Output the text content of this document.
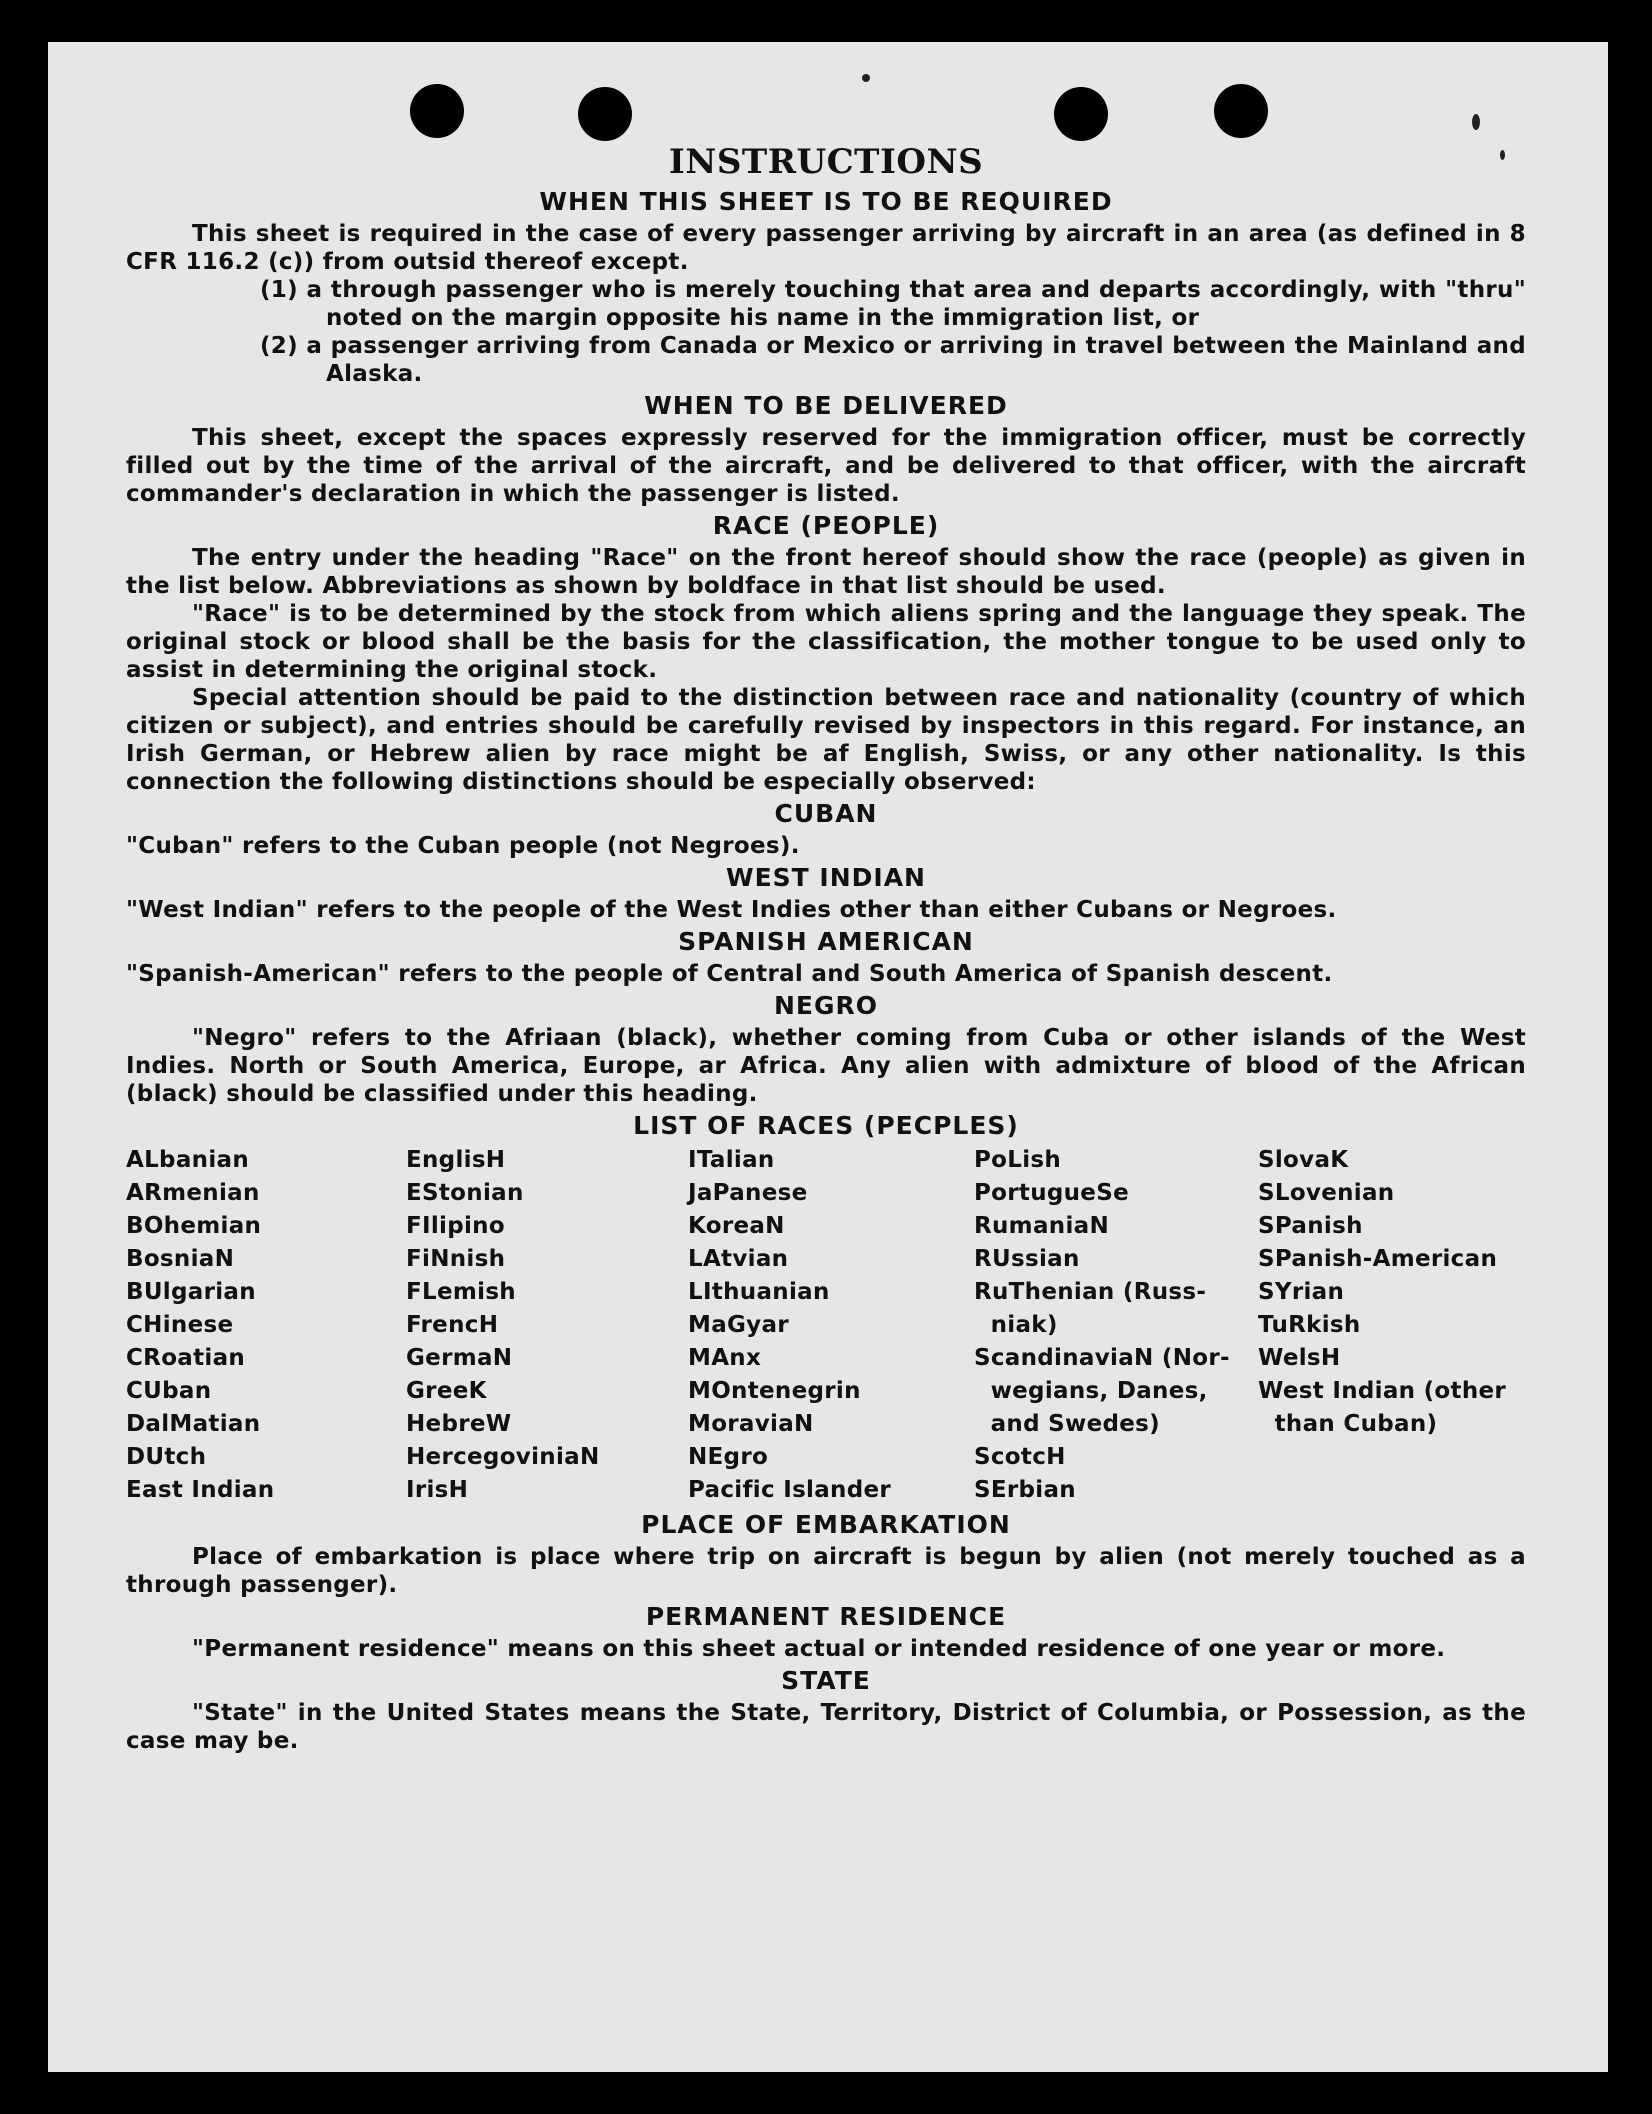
INSTRUCTIONS
WHEN THIS SHEET IS TO BE REQUIRED

This sheet is required in the case of every passenger arriving by aircraft in an area (as defined in 8 CFR 116.2 (c)) from outsid thereof except.

(1) a through passenger who is merely touching that area and departs accordingly, with "thru" noted on the margin opposite his name in the immigration list, or

(2) a passenger arriving from Canada or Mexico or arriving in travel between the Mainland and Alaska.

WHEN TO BE DELIVERED

This sheet, except the spaces expressly reserved for the immigration officer, must be correctly filled out by the time of the arrival of the aircraft, and be delivered to that officer, with the aircraft commander's declaration in which the passenger is listed.

RACE (PEOPLE)

The entry under the heading "Race" on the front hereof should show the race (people) as given in the list below. Abbreviations as shown by boldface in that list should be used.

"Race" is to be determined by the stock from which aliens spring and the language they speak. The original stock or blood shall be the basis for the classification, the mother tongue to be used only to assist in determining the original stock.

Special attention should be paid to the distinction between race and nationality (country of which citizen or subject), and entries should be carefully revised by inspectors in this regard. For instance, an Irish German, or Hebrew alien by race might be af English, Swiss, or any other nationality. Is this connection the following distinctions should be especially observed:

CUBAN

"Cuban" refers to the Cuban people (not Negroes).

WEST INDIAN

"West Indian" refers to the people of the West Indies other than either Cubans or Negroes.

SPANISH AMERICAN

"Spanish-American" refers to the people of Central and South America of Spanish descent.

NEGRO

"Negro" refers to the Afriaan (black), whether coming from Cuba or other islands of the West Indies. North or South America, Europe, ar Africa. Any alien with admixture of blood of the African (black) should be classified under this heading.

LIST OF RACES (PECPLES)
ALbanian
ARmenian
BOhemian
BosniaN
BUlgarian
CHinese
CRoatian
CUban
DalMatian
DUtch
East Indian
EnglisH
EStonian
FIlipino
FiNnish
FLemish
FrencH
GermaN
GreeK
HebreW
HercegoviniaN
IrisH
ITalian
JaPanese
KoreaN
LAtvian
LIthuanian
MaGyar
MAnx
MOntenegrin
MoraviaN
NEgro
Pacific Islander
PoLish
PortugueSe
RumaniaN
RUssian
RuThenian (Russ-
niak)
ScandinaviaN (Nor-
wegians, Danes,
and Swedes)
ScotcH
SErbian
SlovaK
SLovenian
SPanish
SPanish-American
SYrian
TuRkish
WelsH
West Indian (other
than Cuban)
PLACE OF EMBARKATION

Place of embarkation is place where trip on aircraft is begun by alien (not merely touched as a through passenger).

PERMANENT RESIDENCE

"Permanent residence" means on this sheet actual or intended residence of one year or more.

STATE

"State" in the United States means the State, Territory, District of Columbia, or Possession, as the case may be.
